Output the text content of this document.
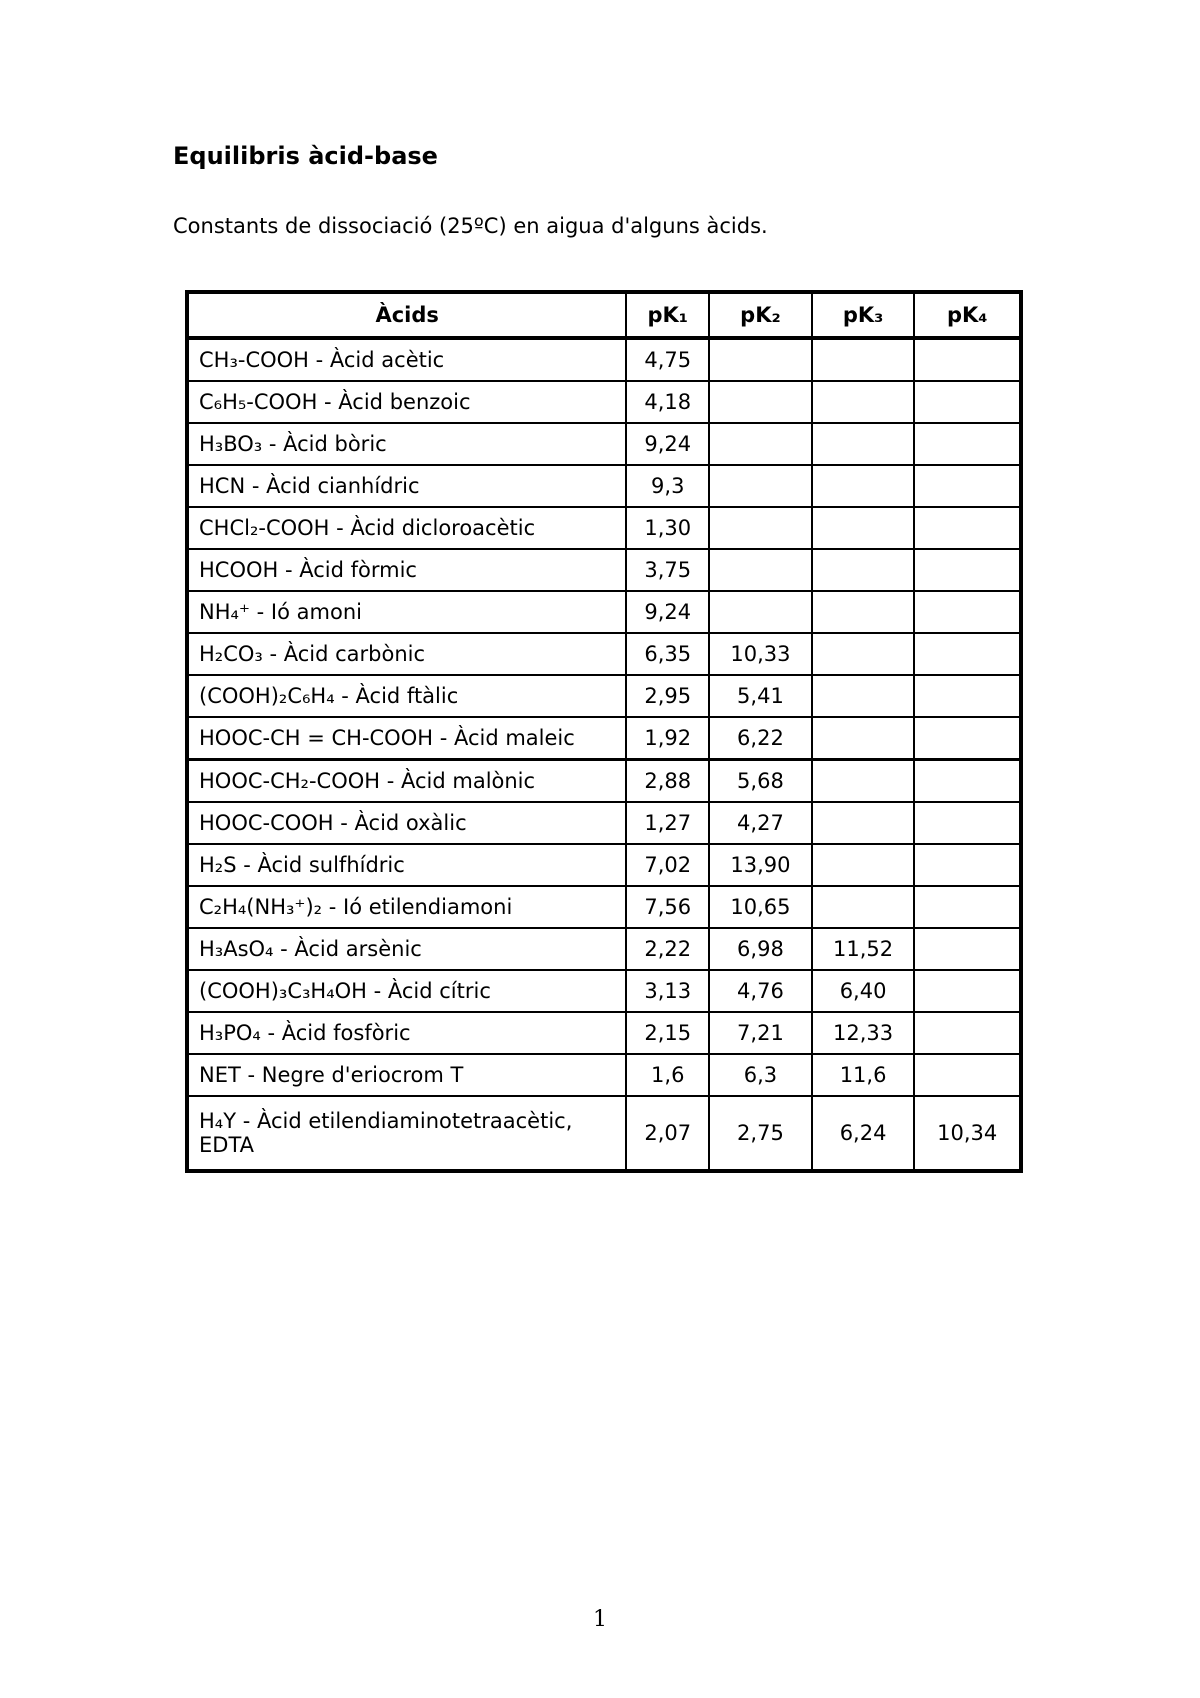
Equilibris àcid-base

Constants de dissociació (25ºC) en aigua d'alguns àcids.

Àcids	pK₁	pK₂	pK₃	pK₄
CH₃-COOH - Àcid acètic	4,75			
C₆H₅-COOH - Àcid benzoic	4,18			
H₃BO₃ - Àcid bòric	9,24			
HCN - Àcid cianhídric	9,3			
CHCl₂-COOH - Àcid dicloroacètic	1,30			
HCOOH - Àcid fòrmic	3,75			
NH₄⁺ - Ió amoni	9,24			
H₂CO₃ - Àcid carbònic	6,35	10,33		
(COOH)₂C₆H₄ - Àcid ftàlic	2,95	5,41		
HOOC-CH = CH-COOH - Àcid maleic	1,92	6,22		
HOOC-CH₂-COOH - Àcid malònic	2,88	5,68		
HOOC-COOH - Àcid oxàlic	1,27	4,27		
H₂S - Àcid sulfhídric	7,02	13,90		
C₂H₄(NH₃⁺)₂ - Ió etilendiamoni	7,56	10,65		
H₃AsO₄ - Àcid arsènic	2,22	6,98	11,52	
(COOH)₃C₃H₄OH - Àcid cítric	3,13	4,76	6,40	
H₃PO₄ - Àcid fosfòric	2,15	7,21	12,33	
NET - Negre d'eriocrom T	1,6	6,3	11,6	
H₄Y - Àcid etilendiaminotetraacètic, EDTA	2,07	2,75	6,24	10,34
1
